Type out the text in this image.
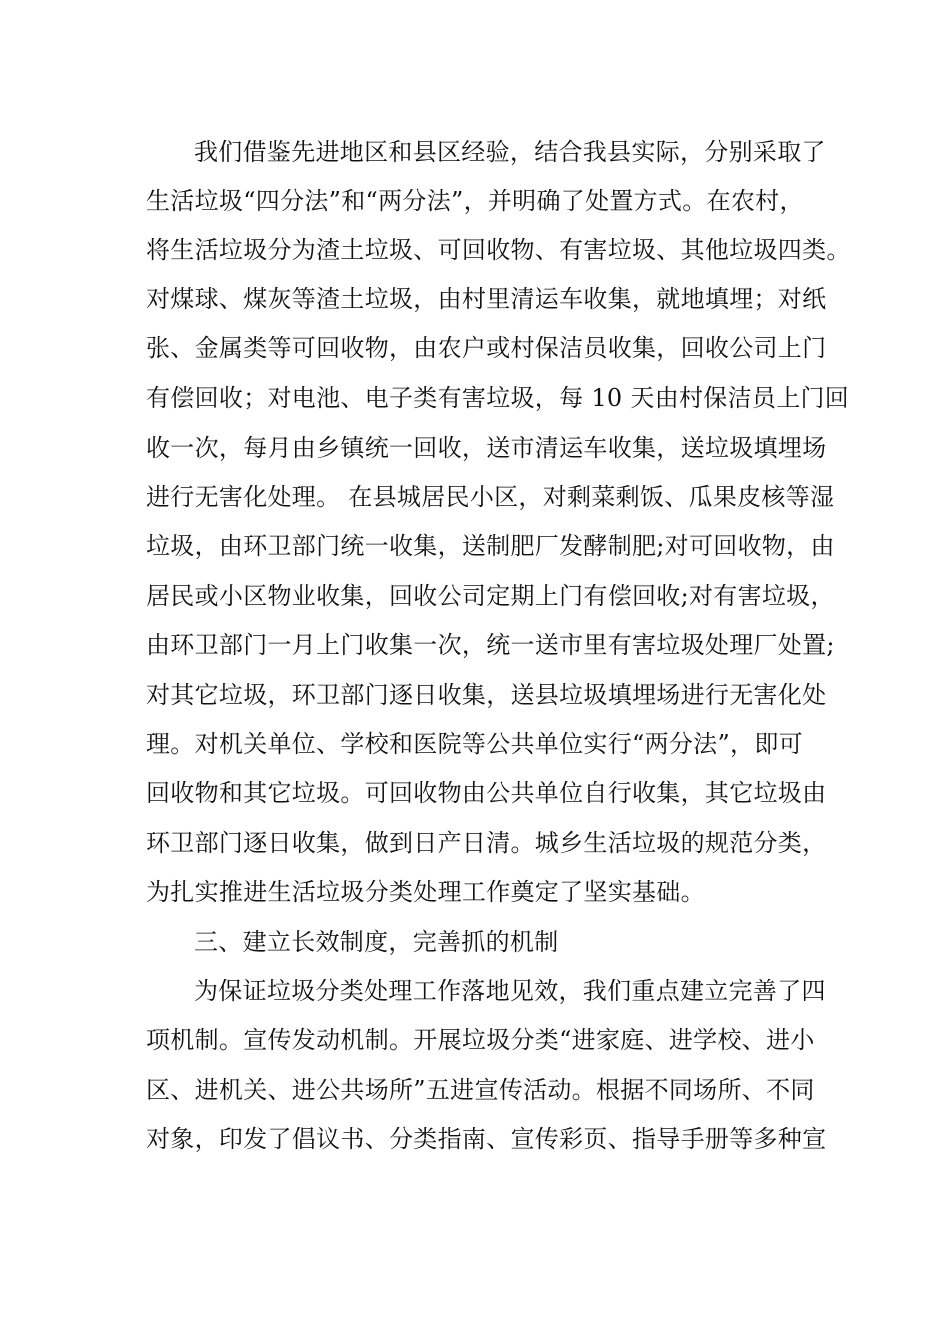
我们借鉴先进地区和县区经验，结合我县实际，分别采取了
生活垃圾“四分法”和“两分法”，并明确了处置方式。在农村，
将生活垃圾分为渣土垃圾、可回收物、有害垃圾、其他垃圾四类。
对煤球、煤灰等渣土垃圾，由村里清运车收集，就地填埋；对纸
张、金属类等可回收物，由农户或村保洁员收集，回收公司上门
有偿回收；对电池、电子类有害垃圾，每 10 天由村保洁员上门回
收一次，每月由乡镇统一回收，送市清运车收集，送垃圾填埋场
进行无害化处理。 在县城居民小区，对剩菜剩饭、瓜果皮核等湿
垃圾，由环卫部门统一收集，送制肥厂发酵制肥;对可回收物，由
居民或小区物业收集，回收公司定期上门有偿回收;对有害垃圾，
由环卫部门一月上门收集一次，统一送市里有害垃圾处理厂处置;
对其它垃圾，环卫部门逐日收集，送县垃圾填埋场进行无害化处
理。对机关单位、学校和医院等公共单位实行“两分法”，即可
回收物和其它垃圾。可回收物由公共单位自行收集，其它垃圾由
环卫部门逐日收集，做到日产日清。城乡生活垃圾的规范分类，
为扎实推进生活垃圾分类处理工作奠定了坚实基础。
三、建立长效制度，完善抓的机制
为保证垃圾分类处理工作落地见效，我们重点建立完善了四
项机制。宣传发动机制。开展垃圾分类“进家庭、进学校、进小
区、进机关、进公共场所”五进宣传活动。根据不同场所、不同
对象，印发了倡议书、分类指南、宣传彩页、指导手册等多种宣
